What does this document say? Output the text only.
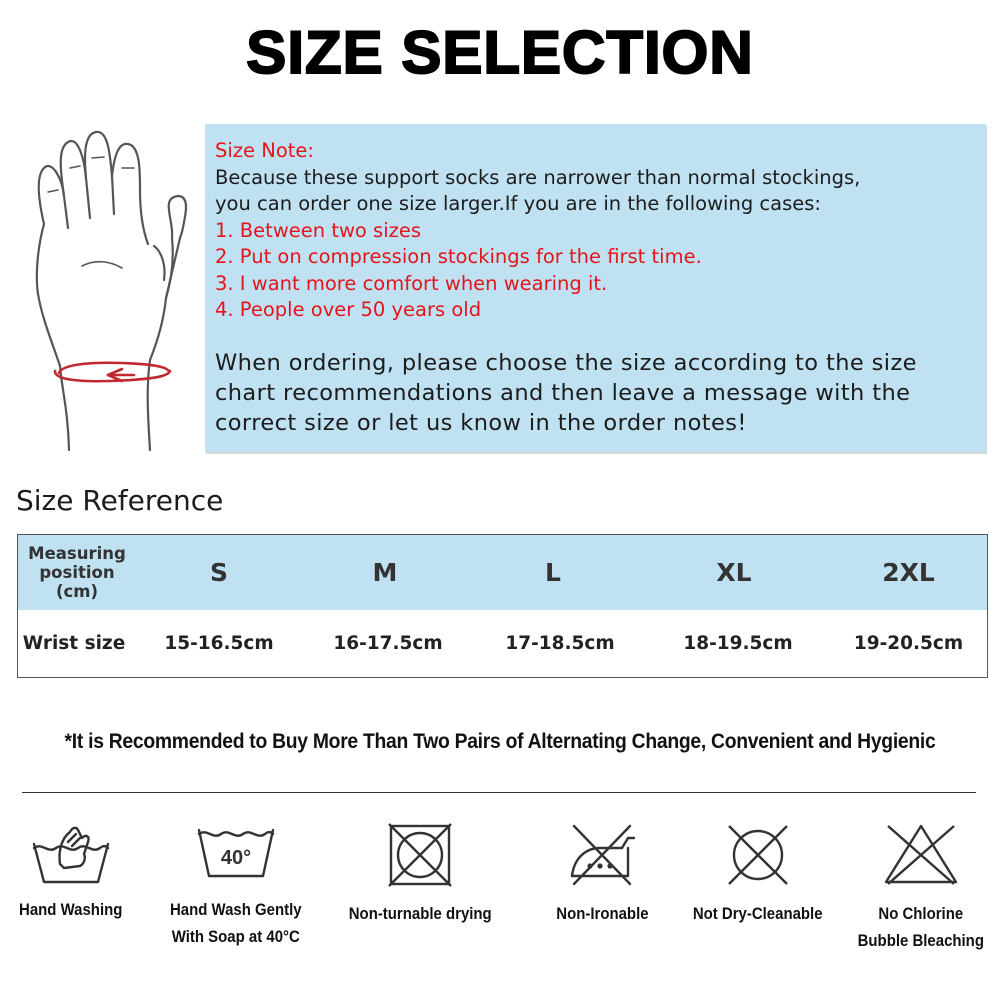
SIZE SELECTION
Size Note:
Because these support socks are narrower than normal stockings,
you can order one size larger.If you are in the following cases:
1. Between two sizes
2. Put on compression stockings for the first time.
3. I want more comfort when wearing it.
4. People over 50 years old
When ordering, please choose the size according to the size
chart recommendations and then leave a message with the
correct size or let us know in the order notes!
Size Reference
Measuring
position
(cm)
S	M	L	XL	2XL
Wrist size	15-16.5cm	16-17.5cm	17-18.5cm	18-19.5cm	19-20.5cm
*It is Recommended to Buy More Than Two Pairs of Alternating Change, Convenient and Hygienic
Hand Washing
40°
Hand Wash Gently
With Soap at 40°C
Non-turnable drying	Non-Ironable	Not Dry-Cleanable	No Chlorine
Bubble Bleaching
